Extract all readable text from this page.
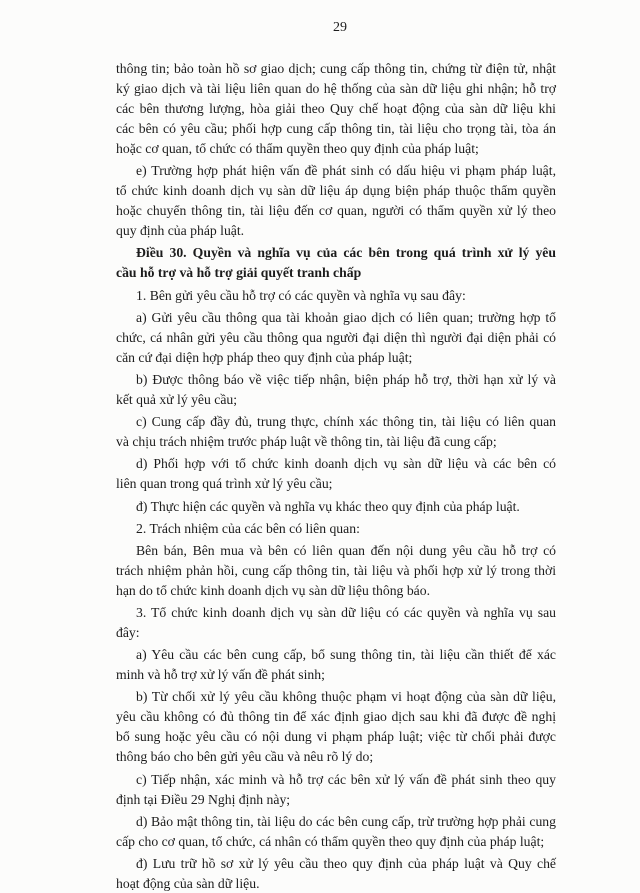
29
thông tin; bảo toàn hồ sơ giao dịch; cung cấp thông tin, chứng từ điện tử, nhật
ký giao dịch và tài liệu liên quan do hệ thống của sàn dữ liệu ghi nhận; hỗ trợ
các bên thương lượng, hòa giải theo Quy chế hoạt động của sàn dữ liệu khi
các bên có yêu cầu; phối hợp cung cấp thông tin, tài liệu cho trọng tài, tòa án
hoặc cơ quan, tổ chức có thẩm quyền theo quy định của pháp luật;
e) Trường hợp phát hiện vấn đề phát sinh có dấu hiệu vi phạm pháp luật,
tổ chức kinh doanh dịch vụ sàn dữ liệu áp dụng biện pháp thuộc thẩm quyền
hoặc chuyển thông tin, tài liệu đến cơ quan, người có thẩm quyền xử lý theo
quy định của pháp luật.
Điều 30. Quyền và nghĩa vụ của các bên trong quá trình xử lý yêu
cầu hỗ trợ và hỗ trợ giải quyết tranh chấp
1. Bên gửi yêu cầu hỗ trợ có các quyền và nghĩa vụ sau đây:
a) Gửi yêu cầu thông qua tài khoản giao dịch có liên quan; trường hợp tổ
chức, cá nhân gửi yêu cầu thông qua người đại diện thì người đại diện phải có
căn cứ đại diện hợp pháp theo quy định của pháp luật;
b) Được thông báo về việc tiếp nhận, biện pháp hỗ trợ, thời hạn xử lý và
kết quả xử lý yêu cầu;
c) Cung cấp đầy đủ, trung thực, chính xác thông tin, tài liệu có liên quan
và chịu trách nhiệm trước pháp luật về thông tin, tài liệu đã cung cấp;
d) Phối hợp với tổ chức kinh doanh dịch vụ sàn dữ liệu và các bên có
liên quan trong quá trình xử lý yêu cầu;
đ) Thực hiện các quyền và nghĩa vụ khác theo quy định của pháp luật.
2. Trách nhiệm của các bên có liên quan:
Bên bán, Bên mua và bên có liên quan đến nội dung yêu cầu hỗ trợ có
trách nhiệm phản hồi, cung cấp thông tin, tài liệu và phối hợp xử lý trong thời
hạn do tổ chức kinh doanh dịch vụ sàn dữ liệu thông báo.
3. Tổ chức kinh doanh dịch vụ sàn dữ liệu có các quyền và nghĩa vụ sau đây:
a) Yêu cầu các bên cung cấp, bổ sung thông tin, tài liệu cần thiết để xác
minh và hỗ trợ xử lý vấn đề phát sinh;
b) Từ chối xử lý yêu cầu không thuộc phạm vi hoạt động của sàn dữ liệu,
yêu cầu không có đủ thông tin để xác định giao dịch sau khi đã được đề nghị
bổ sung hoặc yêu cầu có nội dung vi phạm pháp luật; việc từ chối phải được
thông báo cho bên gửi yêu cầu và nêu rõ lý do;
c) Tiếp nhận, xác minh và hỗ trợ các bên xử lý vấn đề phát sinh theo quy
định tại Điều 29 Nghị định này;
d) Bảo mật thông tin, tài liệu do các bên cung cấp, trừ trường hợp phải cung
cấp cho cơ quan, tổ chức, cá nhân có thẩm quyền theo quy định của pháp luật;
đ) Lưu trữ hồ sơ xử lý yêu cầu theo quy định của pháp luật và Quy chế
hoạt động của sàn dữ liệu.
